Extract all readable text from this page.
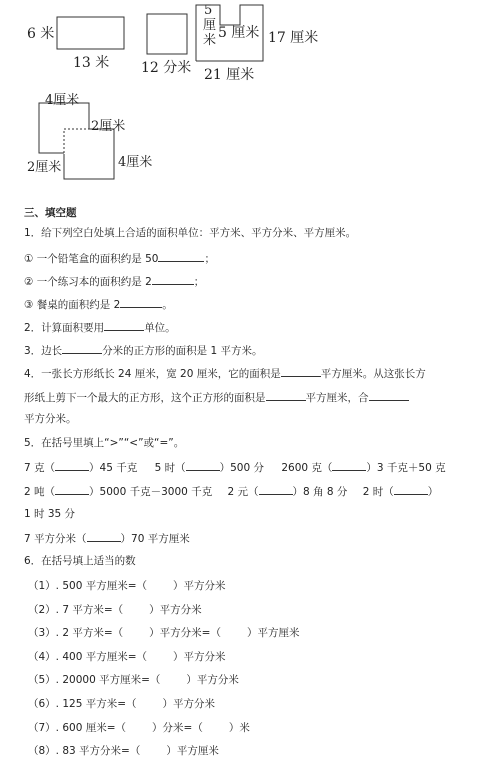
6 米
13 米 12 分米
5
厘
米 5 厘米 17 厘米
21 厘米
4厘米
2厘米
2厘米	4厘米
三、填空题
1．给下列空白处填上合适的面积单位：平方米、平方分米、平方厘米。
① 一个铅笔盒的面积约是 50	；
② 一个练习本的面积约是 2	；
③ 餐桌的面积约是 2	。
2．计算面积要用	单位。
3．边长	分米的正方形的面积是 1 平方米。
4．一张长方形纸长 24 厘米，宽 20 厘米，它的面积是	平方厘米。从这张长方
形纸上剪下一个最大的正方形，这个正方形的面积是	平方厘米，合
平方分米。
5．在括号里填上“>”“<”或“=”。
7 克（	）45 千克 5 时（	）500 分 2600 克（	）3 千克＋50 克
2 吨（	）5000 千克－3000 千克 2 元（	）8 角 8 分 2 时（	）
1 时 35 分
7 平方分米（	）70 平方厘米
6．在括号填上适当的数
（1）. 500 平方厘米=（ ）平方分米
（2）. 7 平方米=（ ）平方分米
（3）. 2 平方米=（ ）平方分米=（ ）平方厘米
（4）. 400 平方厘米=（ ）平方分米
（5）. 20000 平方厘米=（ ）平方分米
（6）. 125 平方米=（ ）平方分米
（7）. 600 厘米=（ ）分米=（ ）米
（8）. 83 平方分米=（ ）平方厘米
